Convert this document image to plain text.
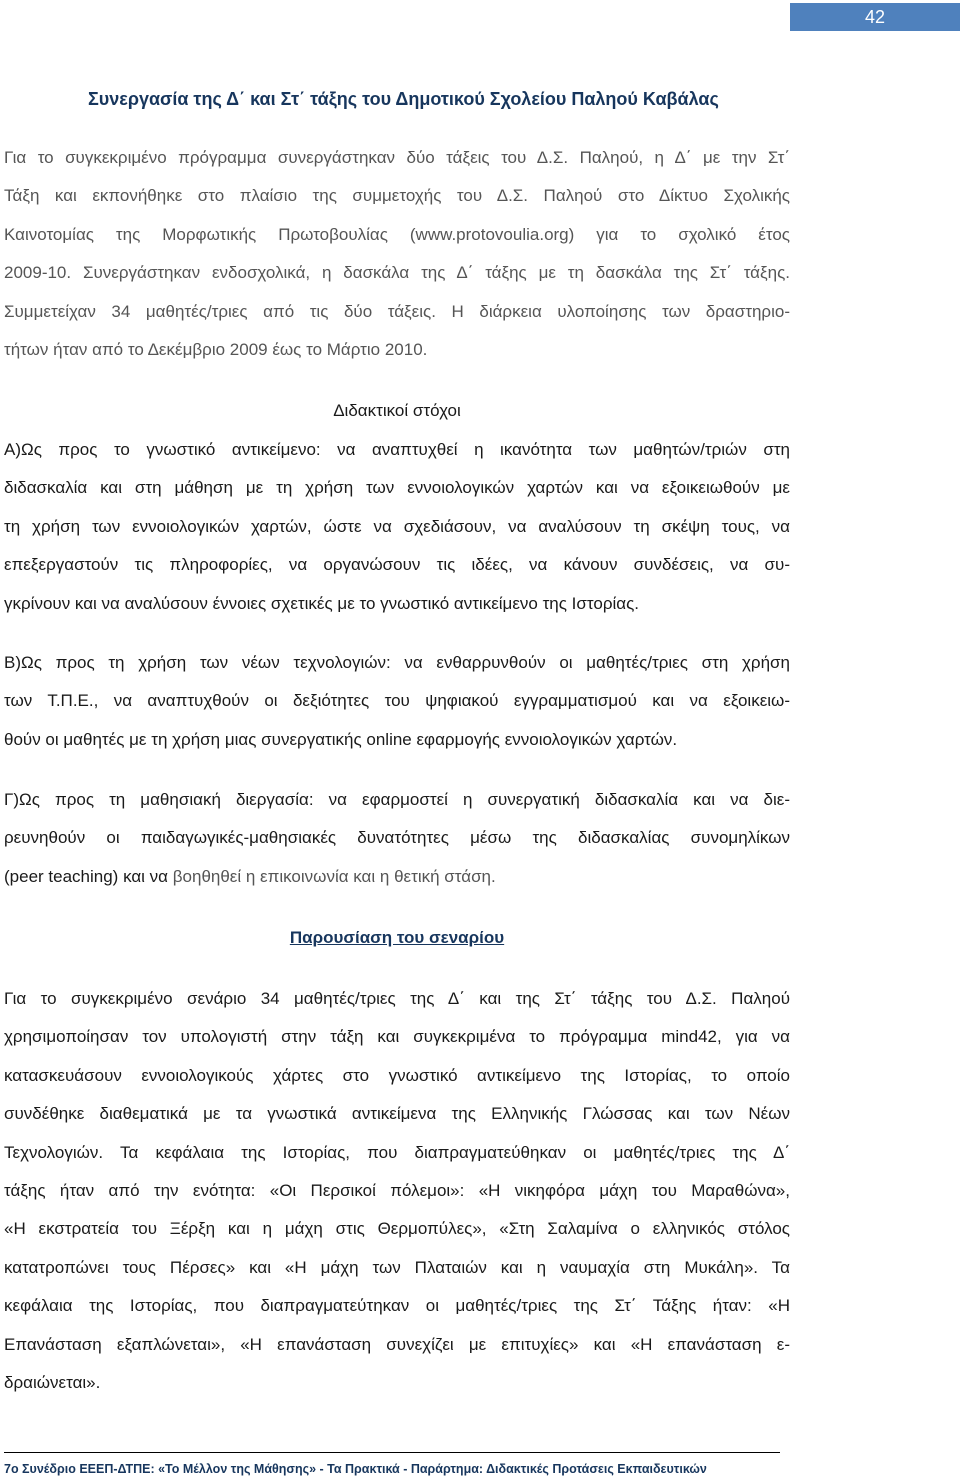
42
Συνεργασία της Δ΄ και Στ΄ τάξης του Δημοτικού Σχολείου Παληού Καβάλας
Για το συγκεκριμένο πρόγραμμα συνεργάστηκαν δύο τάξεις του Δ.Σ. Παληού, η Δ΄ με την Στ΄
Τάξη και εκπονήθηκε στο πλαίσιο της συμμετοχής του Δ.Σ. Παληού στο Δίκτυο Σχολικής
Καινοτομίας της Μορφωτικής Πρωτοβουλίας (www.protovoulia.org) για το σχολικό έτος
2009-10. Συνεργάστηκαν ενδοσχολικά, η δασκάλα της Δ΄ τάξης με τη δασκάλα της Στ΄ τάξης.
Συμμετείχαν 34 μαθητές/τριες από τις δύο τάξεις. Η διάρκεια υλοποίησης των δραστηριο-
τήτων ήταν από το Δεκέμβριο 2009 έως το Μάρτιο 2010.
Διδακτικοί στόχοι
Α)Ως προς το γνωστικό αντικείμενο: να αναπτυχθεί η ικανότητα των μαθητών/τριών στη
διδασκαλία και στη μάθηση με τη χρήση των εννοιολογικών χαρτών και να εξοικειωθούν με
τη χρήση των εννοιολογικών χαρτών, ώστε να σχεδιάσουν, να αναλύσουν τη σκέψη τους, να
επεξεργαστούν τις πληροφορίες, να οργανώσουν τις ιδέες, να κάνουν συνδέσεις, να συ-
γκρίνουν και να αναλύσουν έννοιες σχετικές με το γνωστικό αντικείμενο της Ιστορίας.
Β)Ως προς τη χρήση των νέων τεχνολογιών: να ενθαρρυνθούν οι μαθητές/τριες στη χρήση
των Τ.Π.Ε., να αναπτυχθούν οι δεξιότητες του ψηφιακού εγγραμματισμού και να εξοικειω-
θούν οι μαθητές με τη χρήση μιας συνεργατικής online εφαρμογής εννοιολογικών χαρτών.
Γ)Ως προς τη μαθησιακή διεργασία: να εφαρμοστεί η συνεργατική διδασκαλία και να διε-
ρευνηθούν οι παιδαγωγικές-μαθησιακές δυνατότητες μέσω της διδασκαλίας συνομηλίκων
(peer teaching) και να βοηθηθεί η επικοινωνία και η θετική στάση.
Παρουσίαση του σεναρίου
Για το συγκεκριμένο σενάριο 34 μαθητές/τριες της Δ΄ και της Στ΄ τάξης του Δ.Σ. Παληού
χρησιμοποίησαν τον υπολογιστή στην τάξη και συγκεκριμένα το πρόγραμμα mind42, για να
κατασκευάσουν εννοιολογικούς χάρτες στο γνωστικό αντικείμενο της Ιστορίας, το οποίο
συνδέθηκε διαθεματικά με τα γνωστικά αντικείμενα της Ελληνικής Γλώσσας και των Νέων
Τεχνολογιών. Τα κεφάλαια της Ιστορίας, που διαπραγματεύθηκαν οι μαθητές/τριες της Δ΄
τάξης ήταν από την ενότητα: «Οι Περσικοί πόλεμοι»: «Η νικηφόρα μάχη του Μαραθώνα»,
«Η εκστρατεία του Ξέρξη και η μάχη στις Θερμοπύλες», «Στη Σαλαμίνα ο ελληνικός στόλος
κατατροπώνει τους Πέρσες» και «Η μάχη των Πλαταιών και η ναυμαχία στη Μυκάλη». Τα
κεφάλαια της Ιστορίας, που διαπραγματεύτηκαν οι μαθητές/τριες της Στ΄ Τάξης ήταν: «Η
Επανάσταση εξαπλώνεται», «Η επανάσταση συνεχίζει με επιτυχίες» και «Η επανάσταση ε-
δραιώνεται».
7ο Συνέδριο ΕΕΕΠ-ΔΤΠΕ: «Το Μέλλον της Μάθησης» - Τα Πρακτικά - Παράρτημα: Διδακτικές Προτάσεις Εκπαιδευτικών
